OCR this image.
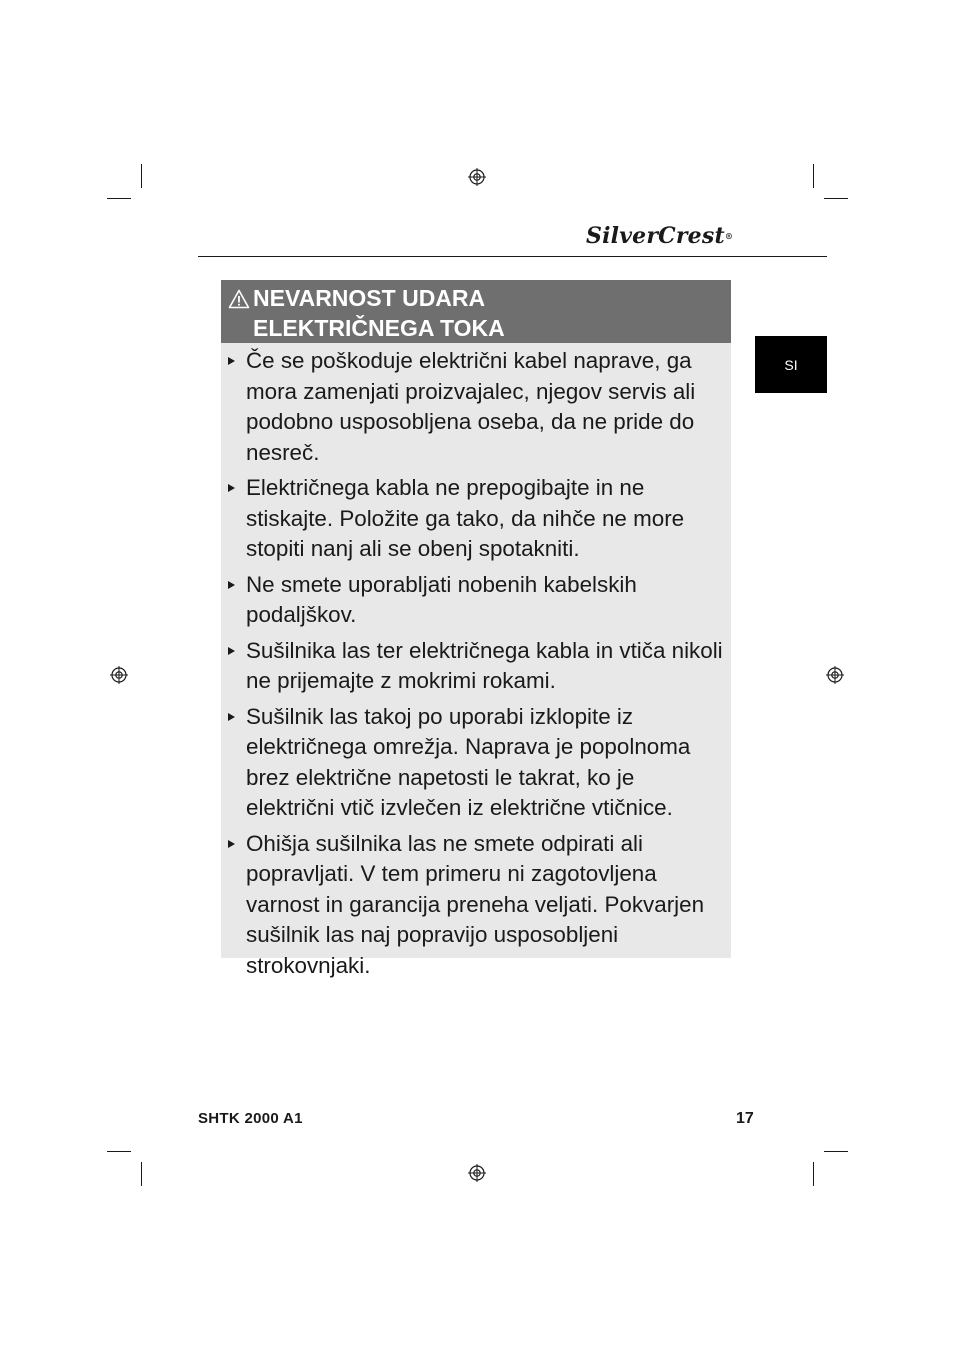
SilverCrest®
SI
NEVARNOST UDARA
ELEKTRIČNEGA TOKA
Če se poškoduje električni kabel naprave, ga mora zamenjati proizvajalec, njegov servis ali podobno usposobljena oseba, da ne pride do nesreč.
Električnega kabla ne prepogibajte in ne stiskajte. Položite ga tako, da nihče ne more stopiti nanj ali se obenj spotakniti.
Ne smete uporabljati nobenih kabelskih podaljškov.
Sušilnika las ter električnega kabla in vtiča nikoli ne prijemajte z mokrimi rokami.
Sušilnik las takoj po uporabi izklopite iz električnega omrežja. Naprava je popolnoma brez električne napetosti le takrat, ko je električni vtič izvlečen iz električne vtičnice.
Ohišja sušilnika las ne smete odpirati ali popravljati. V tem primeru ni zagotovljena varnost in garancija preneha veljati. Pokvarjen sušilnik las naj popravijo usposobljeni strokovnjaki.
SHTK 2000 A1	17
